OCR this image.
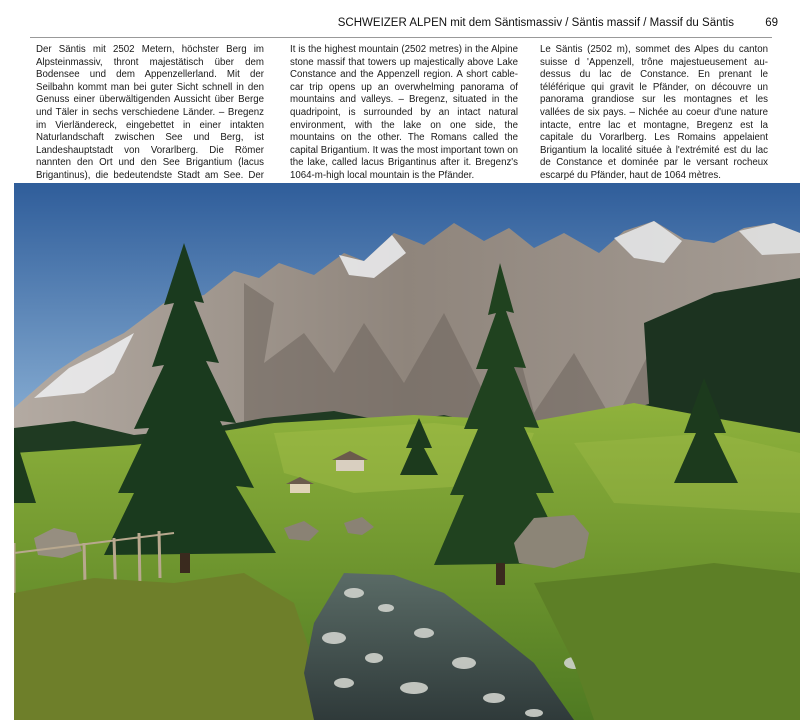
SCHWEIZER ALPEN mit dem Säntismassiv / Säntis massif / Massif du Säntis	69
Der Säntis mit 2502 Metern, höchster Berg im Alpsteinmassiv, thront majestätisch über dem Bodensee und dem Appenzellerland. Mit der Seilbahn kommt man bei guter Sicht schnell in den Genuss einer überwältigenden Aussicht über Berge und Täler in sechs verschiedene Länder. – Bregenz im Vierländereck, eingebettet in einer intakten Naturlandschaft zwischen See und Berg, ist Landeshauptstadt von Vorarlberg. Die Römer nannten den Ort und den See Brigantium (lacus Brigantinus), die bedeutendste Stadt am See. Der
It is the highest mountain (2502 metres) in the Alpine stone massif that towers up majestically above Lake Constance and the Appenzell region. A short cable-car trip opens up an overwhelming panorama of mountains and valleys. – Bregenz, situated in the quadripoint, is surrounded by an intact natural environment, with the lake on one side, the mountains on the other. The Romans called the capital Brigantium. It was the most important town on the lake, called lacus Brigantinus after it. Bregenz's 1064-m-high local mountain is the Pfänder.
Le Säntis (2502 m), sommet des Alpes du canton suisse d 'Appenzell, trône majestueusement au-dessus du lac de Constance. En prenant le téléférique qui gravit le Pfänder, on découvre un panorama grandiose sur les montagnes et les vallées de six pays. – Nichée au coeur d'une nature intacte, entre lac et montagne, Bregenz est la capitale du Vorarlberg. Les Romains appelaient Brigantium la localité située à l'extrémité est du lac de Constance et dominée par le versant rocheux escarpé du Pfänder, haut de 1064 mètres.
